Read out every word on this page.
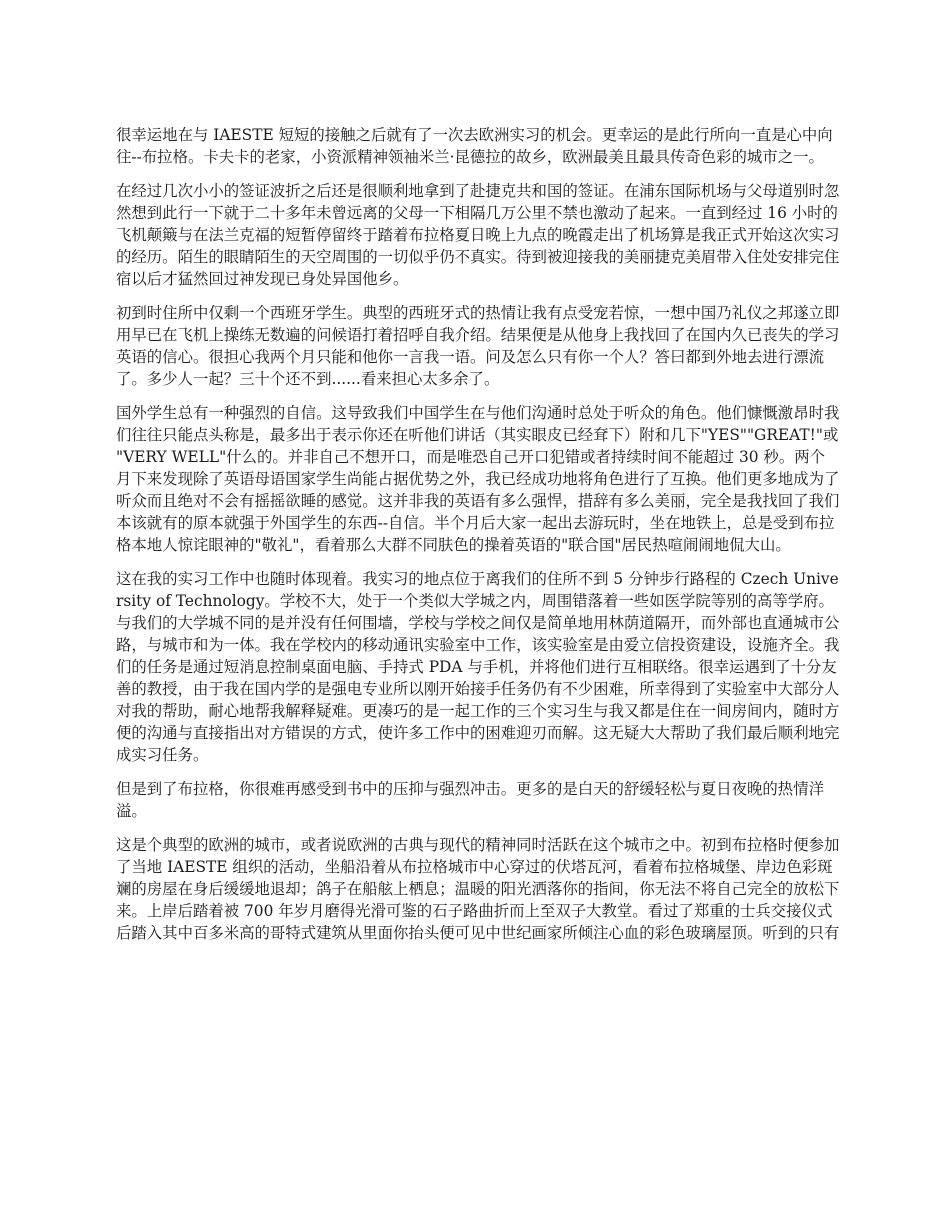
很幸运地在与 IAESTE 短短的接触之后就有了一次去欧洲实习的机会。更幸运的是此行所向一直是心中向往--布拉格。卡夫卡的老家，小资派精神领袖米兰·昆德拉的故乡，欧洲最美且最具传奇色彩的城市之一。

在经过几次小小的签证波折之后还是很顺利地拿到了赴捷克共和国的签证。在浦东国际机场与父母道别时忽然想到此行一下就于二十多年未曾远离的父母一下相隔几万公里不禁也激动了起来。一直到经过 16 小时的飞机颠簸与在法兰克福的短暂停留终于踏着布拉格夏日晚上九点的晚霞走出了机场算是我正式开始这次实习的经历。陌生的眼睛陌生的天空周围的一切似乎仍不真实。待到被迎接我的美丽捷克美眉带入住处安排完住宿以后才猛然回过神发现已身处异国他乡。

初到时住所中仅剩一个西班牙学生。典型的西班牙式的热情让我有点受宠若惊，一想中国乃礼仪之邦遂立即用早已在飞机上操练无数遍的问候语打着招呼自我介绍。结果便是从他身上我找回了在国内久已丧失的学习英语的信心。很担心我两个月只能和他你一言我一语。问及怎么只有你一个人？答曰都到外地去进行漂流了。多少人一起？三十个还不到......看来担心太多余了。

国外学生总有一种强烈的自信。这导致我们中国学生在与他们沟通时总处于听众的角色。他们慷慨激昂时我们往往只能点头称是，最多出于表示你还在听他们讲话（其实眼皮已经耷下）附和几下"YES""GREAT!"或 "VERY WELL"什么的。并非自己不想开口，而是唯恐自己开口犯错或者持续时间不能超过 30 秒。两个月下来发现除了英语母语国家学生尚能占据优势之外，我已经成功地将角色进行了互换。他们更多地成为了听众而且绝对不会有摇摇欲睡的感觉。这并非我的英语有多么强悍，措辞有多么美丽，完全是我找回了我们本该就有的原本就强于外国学生的东西--自信。半个月后大家一起出去游玩时，坐在地铁上，总是受到布拉格本地人惊诧眼神的"敬礼"，看着那么大群不同肤色的操着英语的"联合国"居民热喧闹闹地侃大山。

这在我的实习工作中也随时体现着。我实习的地点位于离我们的住所不到 5 分钟步行路程的 Czech University of Technology。学校不大，处于一个类似大学城之内，周围错落着一些如医学院等别的高等学府。与我们的大学城不同的是并没有任何围墙，学校与学校之间仅是简单地用林荫道隔开，而外部也直通城市公路，与城市和为一体。我在学校内的移动通讯实验室中工作，该实验室是由爱立信投资建设，设施齐全。我们的任务是通过短消息控制桌面电脑、手持式 PDA 与手机，并将他们进行互相联络。很幸运遇到了十分友善的教授，由于我在国内学的是强电专业所以刚开始接手任务仍有不少困难，所幸得到了实验室中大部分人对我的帮助，耐心地帮我解释疑难。更凑巧的是一起工作的三个实习生与我又都是住在一间房间内，随时方便的沟通与直接指出对方错误的方式，使许多工作中的困难迎刃而解。这无疑大大帮助了我们最后顺利地完成实习任务。

但是到了布拉格，你很难再感受到书中的压抑与强烈冲击。更多的是白天的舒缓轻松与夏日夜晚的热情洋溢。

这是个典型的欧洲的城市，或者说欧洲的古典与现代的精神同时活跃在这个城市之中。初到布拉格时便参加了当地 IAESTE 组织的活动，坐船沿着从布拉格城市中心穿过的伏塔瓦河，看着布拉格城堡、岸边色彩斑斓的房屋在身后缓缓地退却；鸽子在船舷上栖息；温暖的阳光洒落你的指间，你无法不将自己完全的放松下来。上岸后踏着被 700 年岁月磨得光滑可鉴的石子路曲折而上至双子大教堂。看过了郑重的士兵交接仪式后踏入其中百多米高的哥特式建筑从里面你抬头便可见中世纪画家所倾注心血的彩色玻璃屋顶。听到的只有
